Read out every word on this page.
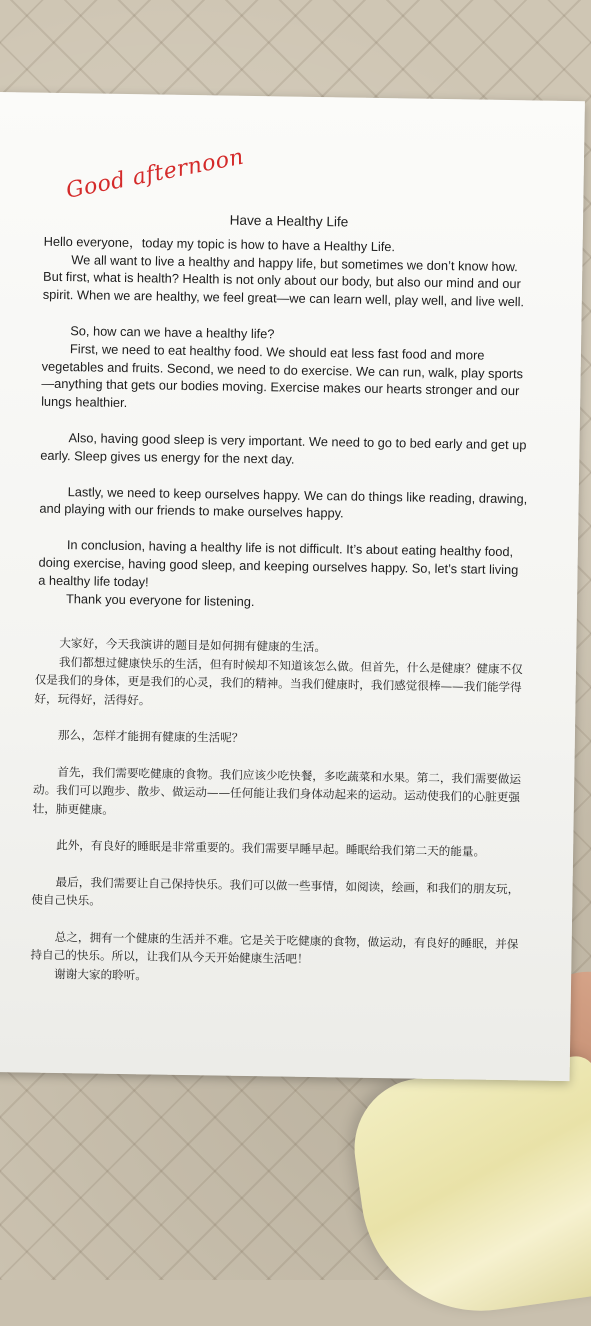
Good afternoon
Have a Healthy Life

Hello everyone，today my topic is how to have a Healthy Life.

We all want to live a healthy and happy life, but sometimes we don’t know how. But first, what is health? Health is not only about our body, but also our mind and our spirit. When we are healthy, we feel great—we can learn well, play well, and live well.

So, how can we have a healthy life?

First, we need to eat healthy food. We should eat less fast food and more vegetables and fruits. Second, we need to do exercise. We can run, walk, play sports—anything that gets our bodies moving. Exercise makes our hearts stronger and our lungs healthier.

Also, having good sleep is very important. We need to go to bed early and get up early. Sleep gives us energy for the next day.

Lastly, we need to keep ourselves happy. We can do things like reading, drawing, and playing with our friends to make ourselves happy.

In conclusion, having a healthy life is not difficult. It’s about eating healthy food, doing exercise, having good sleep, and keeping ourselves happy. So, let’s start living a healthy life today!

Thank you everyone for listening.

大家好，今天我演讲的题目是如何拥有健康的生活。

我们都想过健康快乐的生活，但有时候却不知道该怎么做。但首先，什么是健康？健康不仅仅是我们的身体，更是我们的心灵，我们的精神。当我们健康时，我们感觉很棒——我们能学得好，玩得好，活得好。

那么，怎样才能拥有健康的生活呢？

首先，我们需要吃健康的食物。我们应该少吃快餐，多吃蔬菜和水果。第二，我们需要做运动。我们可以跑步、散步、做运动——任何能让我们身体动起来的运动。运动使我们的心脏更强壮，肺更健康。

此外，有良好的睡眠是非常重要的。我们需要早睡早起。睡眠给我们第二天的能量。

最后，我们需要让自己保持快乐。我们可以做一些事情，如阅读，绘画，和我们的朋友玩，使自己快乐。

总之，拥有一个健康的生活并不难。它是关于吃健康的食物，做运动，有良好的睡眠，并保持自己的快乐。所以，让我们从今天开始健康生活吧！

谢谢大家的聆听。
